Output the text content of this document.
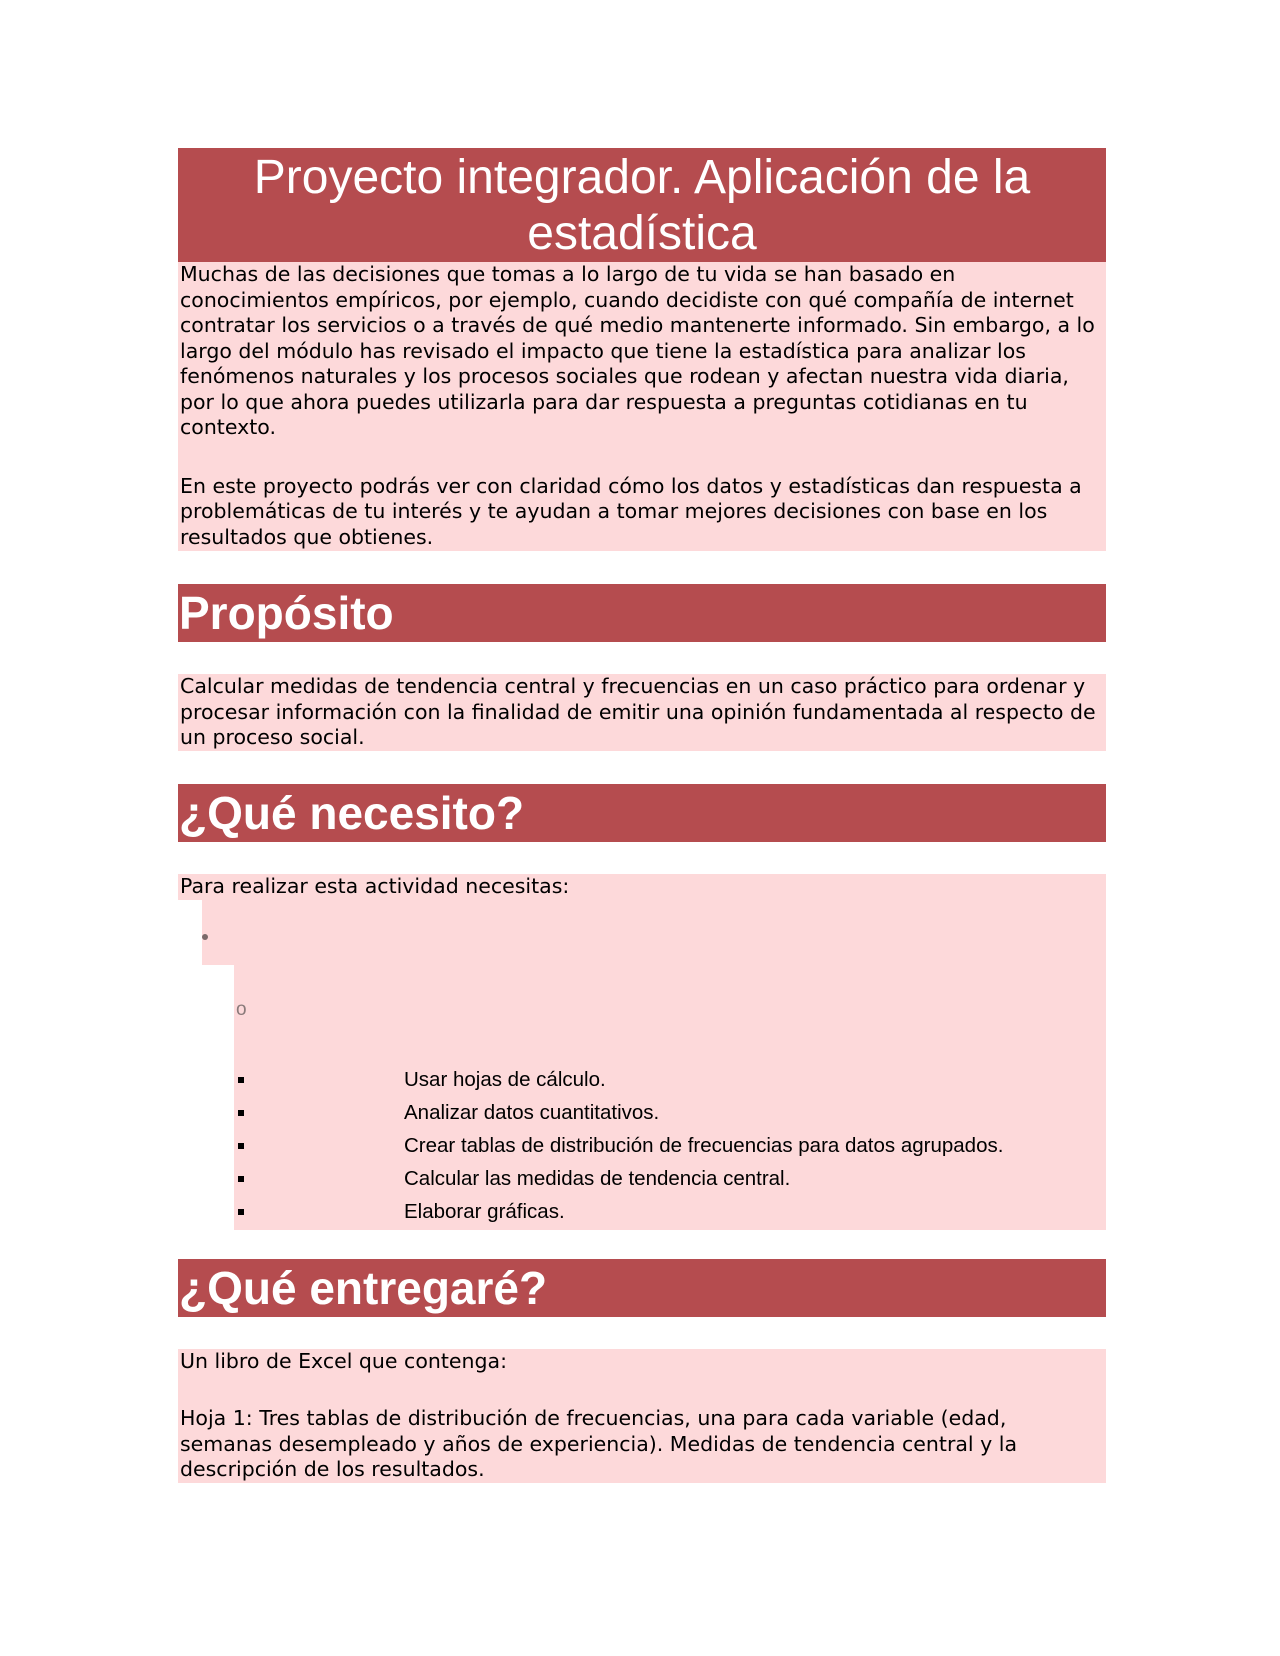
Proyecto integrador. Aplicación de la estadística

Muchas de las decisiones que tomas a lo largo de tu vida se han basado en conocimientos empíricos, por ejemplo, cuando decidiste con qué compañía de internet contratar los servicios o a través de qué medio mantenerte informado. Sin embargo, a lo largo del módulo has revisado el impacto que tiene la estadística para analizar los fenómenos naturales y los procesos sociales que rodean y afectan nuestra vida diaria, por lo que ahora puedes utilizarla para dar respuesta a preguntas cotidianas en tu contexto.

En este proyecto podrás ver con claridad cómo los datos y estadísticas dan respuesta a problemáticas de tu interés y te ayudan a tomar mejores decisiones con base en los resultados que obtienes.

Propósito

Calcular medidas de tendencia central y frecuencias en un caso práctico para ordenar y procesar información con la finalidad de emitir una opinión fundamentada al respecto de un proceso social.

¿Qué necesito?
Para realizar esta actividad necesitas:
o
Usar hojas de cálculo.
Analizar datos cuantitativos.
Crear tablas de distribución de frecuencias para datos agrupados.
Calcular las medidas de tendencia central.
Elaborar gráficas.
¿Qué entregaré?

Un libro de Excel que contenga:

Hoja 1: Tres tablas de distribución de frecuencias, una para cada variable (edad, semanas desempleado y años de experiencia). Medidas de tendencia central y la descripción de los resultados.
